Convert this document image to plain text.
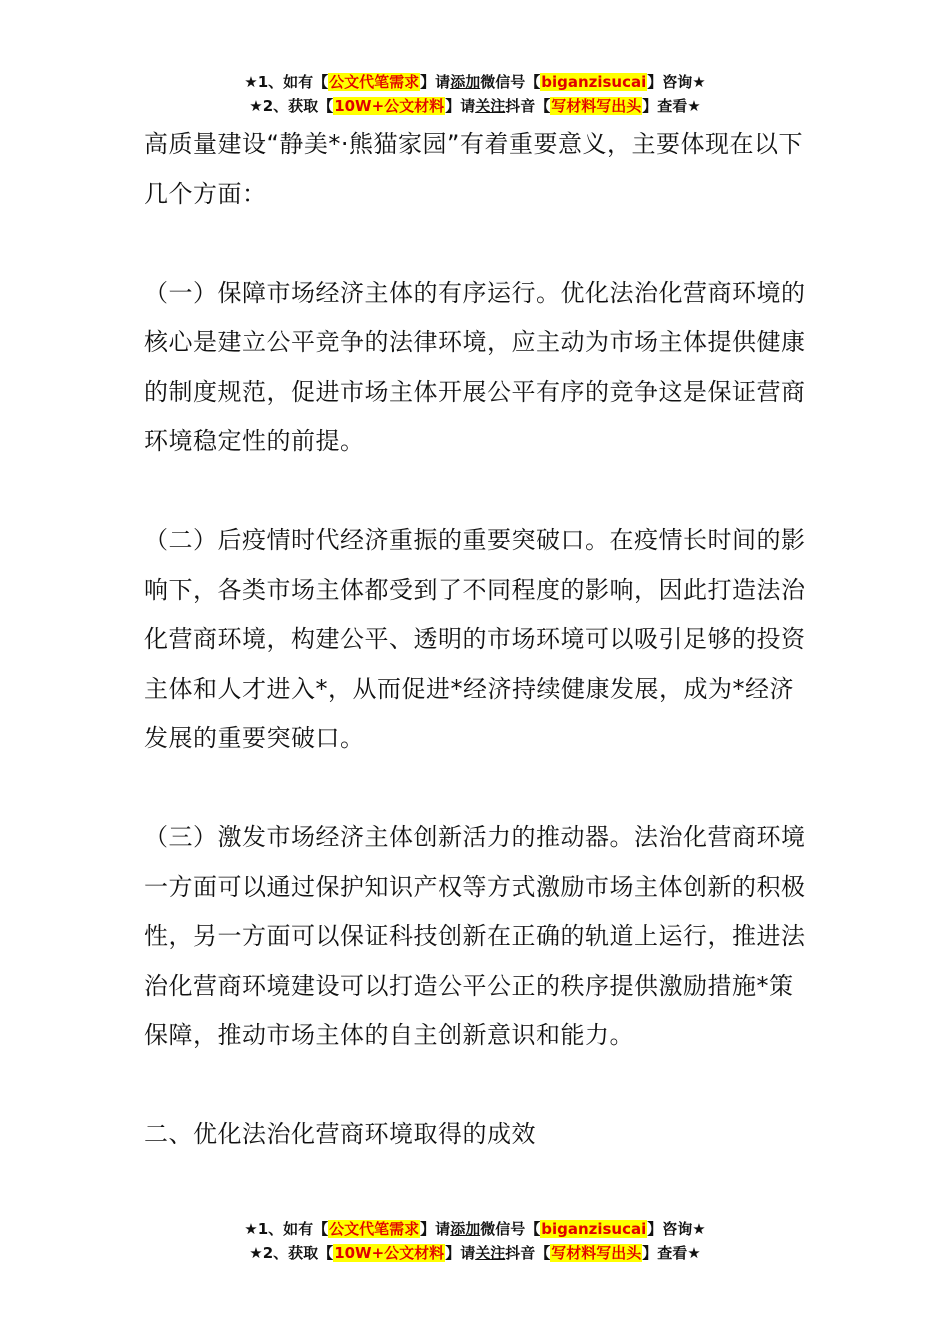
★1、如有【公文代笔需求】请添加微信号【biganzisucai】咨询★
★2、获取【10W+公文材料】请关注抖音【写材料写出头】查看★

高质量建设“静美*·熊猫家园”有着重要意义，主要体现在以下几个方面：

（一）保障市场经济主体的有序运行。优化法治化营商环境的核心是建立公平竞争的法律环境，应主动为市场主体提供健康的制度规范，促进市场主体开展公平有序的竞争这是保证营商环境稳定性的前提。

（二）后疫情时代经济重振的重要突破口。在疫情长时间的影响下，各类市场主体都受到了不同程度的影响，因此打造法治化营商环境，构建公平、透明的市场环境可以吸引足够的投资主体和人才进入*，从而促进*经济持续健康发展，成为*经济发展的重要突破口。

（三）激发市场经济主体创新活力的推动器。法治化营商环境一方面可以通过保护知识产权等方式激励市场主体创新的积极性，另一方面可以保证科技创新在正确的轨道上运行，推进法治化营商环境建设可以打造公平公正的秩序提供激励措施*策保障，推动市场主体的自主创新意识和能力。

二、优化法治化营商环境取得的成效

★1、如有【公文代笔需求】请添加微信号【biganzisucai】咨询★
★2、获取【10W+公文材料】请关注抖音【写材料写出头】查看★
